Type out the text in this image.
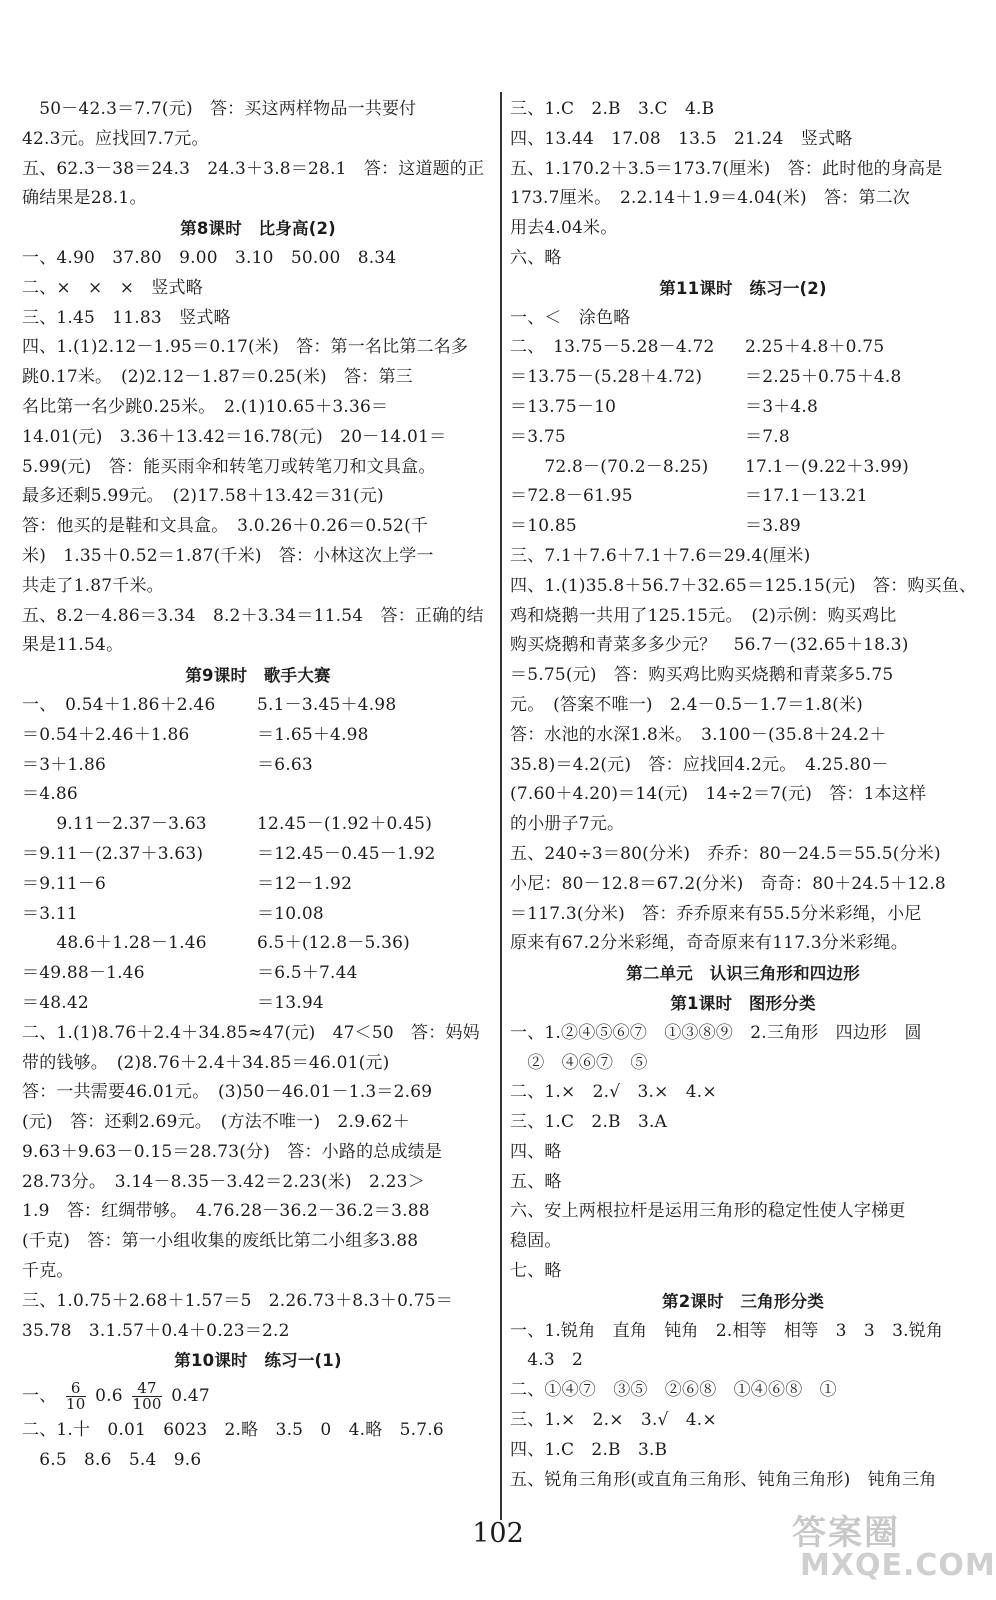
　50－42.3＝7.7(元)　答：买这两样物品一共要付
42.3元。应找回7.7元。
五、62.3－38＝24.3　24.3＋3.8＝28.1　答：这道题的正
确结果是28.1。
第8课时　比身高(2)
一、4.90　37.80　9.00　3.10　50.00　8.34
二、×　×　×　竖式略
三、1.45　11.83　竖式略
四、1.(1)2.12－1.95＝0.17(米)　答：第一名比第二名多
跳0.17米。　(2)2.12－1.87＝0.25(米)　答：第三
名比第一名少跳0.25米。　2.(1)10.65＋3.36＝
14.01(元)　3.36＋13.42＝16.78(元)　20－14.01＝
5.99(元)　答：能买雨伞和转笔刀或转笔刀和文具盒。
最多还剩5.99元。　(2)17.58＋13.42＝31(元)
答：他买的是鞋和文具盒。　3.0.26＋0.26＝0.52(千
米)　1.35＋0.52＝1.87(千米)　答：小林这次上学一
共走了1.87千米。
五、8.2－4.86＝3.34　8.2＋3.34＝11.54　答：正确的结
果是11.54。
第9课时　歌手大赛
一、　0.54＋1.86＋2.46	5.1－3.45＋4.98
＝0.54＋2.46＋1.86	＝1.65＋4.98
＝3＋1.86	＝6.63
＝4.86
　　9.11－2.37－3.63	12.45－(1.92＋0.45)
＝9.11－(2.37＋3.63)	＝12.45－0.45－1.92
＝9.11－6	＝12－1.92
＝3.11	＝10.08
　　48.6＋1.28－1.46	6.5＋(12.8－5.36)
＝49.88－1.46	＝6.5＋7.44
＝48.42	＝13.94
二、1.(1)8.76＋2.4＋34.85≈47(元)　47＜50　答：妈妈
带的钱够。　(2)8.76＋2.4＋34.85＝46.01(元)
答：一共需要46.01元。　(3)50－46.01－1.3＝2.69
(元)　答：还剩2.69元。　(方法不唯一)　2.9.62＋
9.63＋9.63－0.15＝28.73(分)　答：小路的总成绩是
28.73分。　3.14－8.35－3.42＝2.23(米)　2.23＞
1.9　答：红绸带够。　4.76.28－36.2－36.2＝3.88
(千克)　答：第一小组收集的废纸比第二小组多3.88
千克。
三、1.0.75＋2.68＋1.57＝5　2.26.73＋8.3＋0.75＝
35.78　3.1.57＋0.4＋0.23＝2.2
第10课时　练习一(1)
一、 $\frac{6}{10} 0.6 \frac{47}{100} 0.47$
二、1.十　0.01　6023　2.略　3.5　0　4.略　5.7.6
　6.5　8.6　5.4　9.6
三、1.C　2.B　3.C　4.B
四、13.44　17.08　13.5　21.24　竖式略
五、1.170.2＋3.5＝173.7(厘米)　答：此时他的身高是
173.7厘米。　2.2.14＋1.9＝4.04(米)　答：第二次
用去4.04米。
六、略
第11课时　练习一(2)
一、＜　涂色略
二、　13.75－5.28－4.72	2.25＋4.8＋0.75
＝13.75－(5.28＋4.72)	＝2.25＋0.75＋4.8
＝13.75－10	＝3＋4.8
＝3.75	＝7.8
　　72.8－(70.2－8.25)	17.1－(9.22＋3.99)
＝72.8－61.95	＝17.1－13.21
＝10.85	＝3.89
三、7.1＋7.6＋7.1＋7.6＝29.4(厘米)
四、1.(1)35.8＋56.7＋32.65＝125.15(元)　答：购买鱼、
鸡和烧鹅一共用了125.15元。　(2)示例：购买鸡比
购买烧鹅和青菜多多少元？　56.7－(32.65＋18.3)
＝5.75(元)　答：购买鸡比购买烧鹅和青菜多5.75
元。　(答案不唯一)　2.4－0.5－1.7＝1.8(米)
答：水池的水深1.8米。　3.100－(35.8＋24.2＋
35.8)＝4.2(元)　答：应找回4.2元。　4.25.80－
(7.60＋4.20)＝14(元)　14÷2＝7(元)　答：1本这样
的小册子7元。
五、240÷3＝80(分米)　乔乔：80－24.5＝55.5(分米)
小尼：80－12.8＝67.2(分米)　奇奇：80＋24.5＋12.8
＝117.3(分米)　答：乔乔原来有55.5分米彩绳，小尼
原来有67.2分米彩绳，奇奇原来有117.3分米彩绳。
第二单元　认识三角形和四边形
第1课时　图形分类
一、1.②④⑤⑥⑦　①③⑧⑨　2.三角形　四边形　圆
　②　④⑥⑦　⑤
二、1.×　2.√　3.×　4.×
三、1.C　2.B　3.A
四、略
五、略
六、安上两根拉杆是运用三角形的稳定性使人字梯更
稳固。
七、略
第2课时　三角形分类
一、1.锐角　直角　钝角　2.相等　相等　3　3　3.锐角
　4.3　2
二、①④⑦　③⑤　②⑥⑧　①④⑥⑧　①
三、1.×　2.×　3.√　4.×
四、1.C　2.B　3.B
五、锐角三角形(或直角三角形、钝角三角形)　钝角三角
答案圈
MXQE.COM
102
